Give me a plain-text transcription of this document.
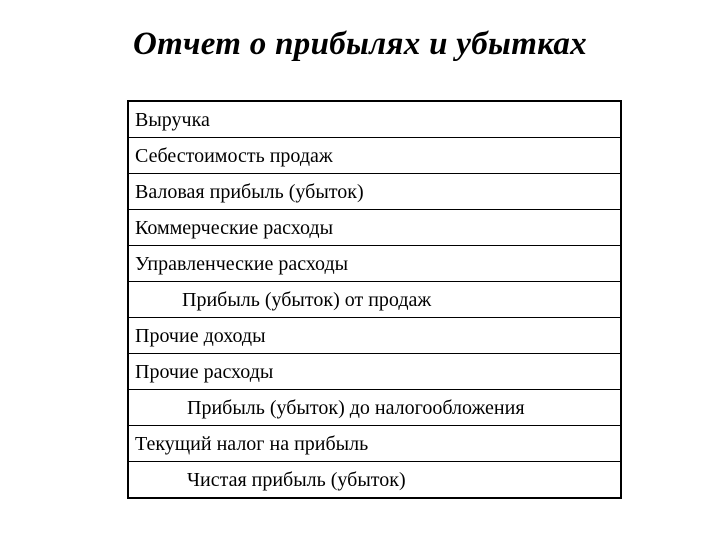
Отчет о прибылях и убытках
Выручка
Себестоимость продаж
Валовая прибыль (убыток)
Коммерческие расходы
Управленческие расходы
Прибыль (убыток) от продаж
Прочие доходы
Прочие расходы
Прибыль (убыток) до налогообложения
Текущий налог на прибыль
Чистая прибыль (убыток)
